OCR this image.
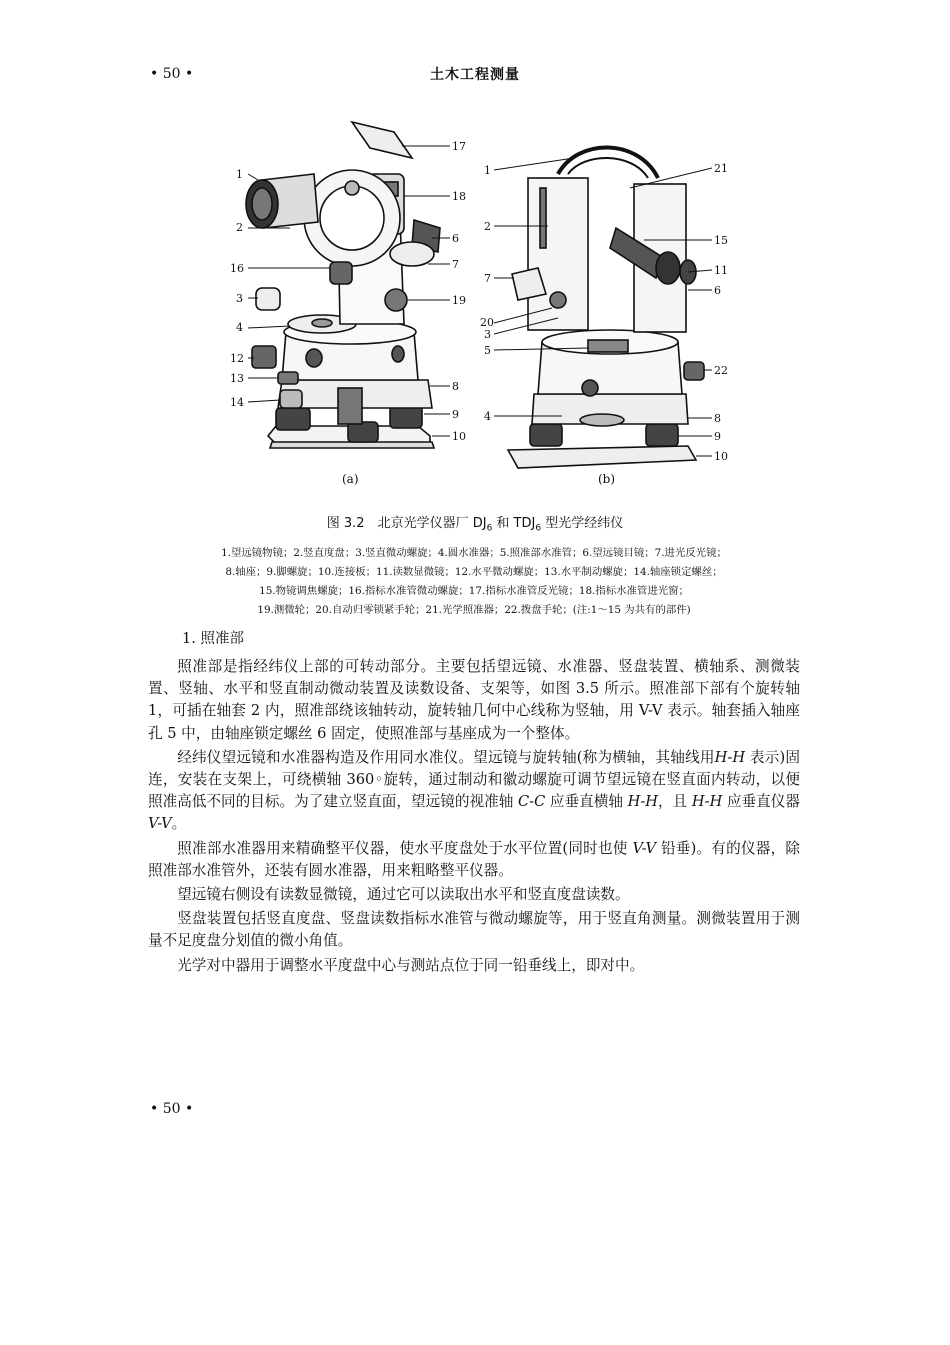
• 50 •	土木工程测量
1
2
16
3
4
12
13
14
17
18
6
7
19
8
9
10
(a)
1
2
7
20
3
5
4
21
15
11
6
22
8
9
10
(b)
图 3.2　北京光学仪器厂 $DJ_6$ 和 $TDJ_6$ 型光学经纬仪
1.望远镜物镜；2.竖直度盘；3.竖直微动螺旋；4.圆水准器；5.照准部水准管；6.望远镜目镜；7.进光反光镜；
8.轴座；9.脚螺旋；10.连接板；11.读数显微镜；12.水平微动螺旋；13.水平制动螺旋；14.轴座锁定螺丝；
15.物镜调焦螺旋；16.指标水准管微动螺旋；17.指标水准管反光镜；18.指标水准管进光窗；
19.测微轮；20.自动归零锁紧手轮；21.光学照准器；22.拨盘手轮；(注:1～15 为共有的部件)
1. 照准部

照准部是指经纬仪上部的可转动部分。主要包括望远镜、水准器、竖盘装置、横轴系、测微装置、竖轴、水平和竖直制动微动装置及读数设备、支架等，如图 3.5 所示。照准部下部有个旋转轴 1，可插在轴套 2 内，照准部绕该轴转动，旋转轴几何中心线称为竖轴，用 V-V 表示。轴套插入轴座孔 5 中，由轴座锁定螺丝 6 固定，使照准部与基座成为一个整体。

经纬仪望远镜和水准器构造及作用同水准仪。望远镜与旋转轴(称为横轴，其轴线用H-H 表示)固连，安装在支架上，可绕横轴 360◦旋转，通过制动和徽动螺旋可调节望远镜在竖直面内转动，以便照准高低不同的目标。为了建立竖直面，望远镜的视准轴 C-C 应垂直横轴 H-H，且 H-H 应垂直仪器 V-V。

照准部水准器用来精确整平仪器，使水平度盘处于水平位置(同时也使 V-V 铅垂)。有的仪器，除照准部水准管外，还装有圆水准器，用来粗略整平仪器。

望远镜右侧设有读数显微镜，通过它可以读取出水平和竖直度盘读数。

竖盘装置包括竖直度盘、竖盘读数指标水准管与微动螺旋等，用于竖直角测量。测微装置用于测量不足度盘分划值的微小角值。

光学对中器用于调整水平度盘中心与测站点位于同一铅垂线上，即对中。

• 50 •
